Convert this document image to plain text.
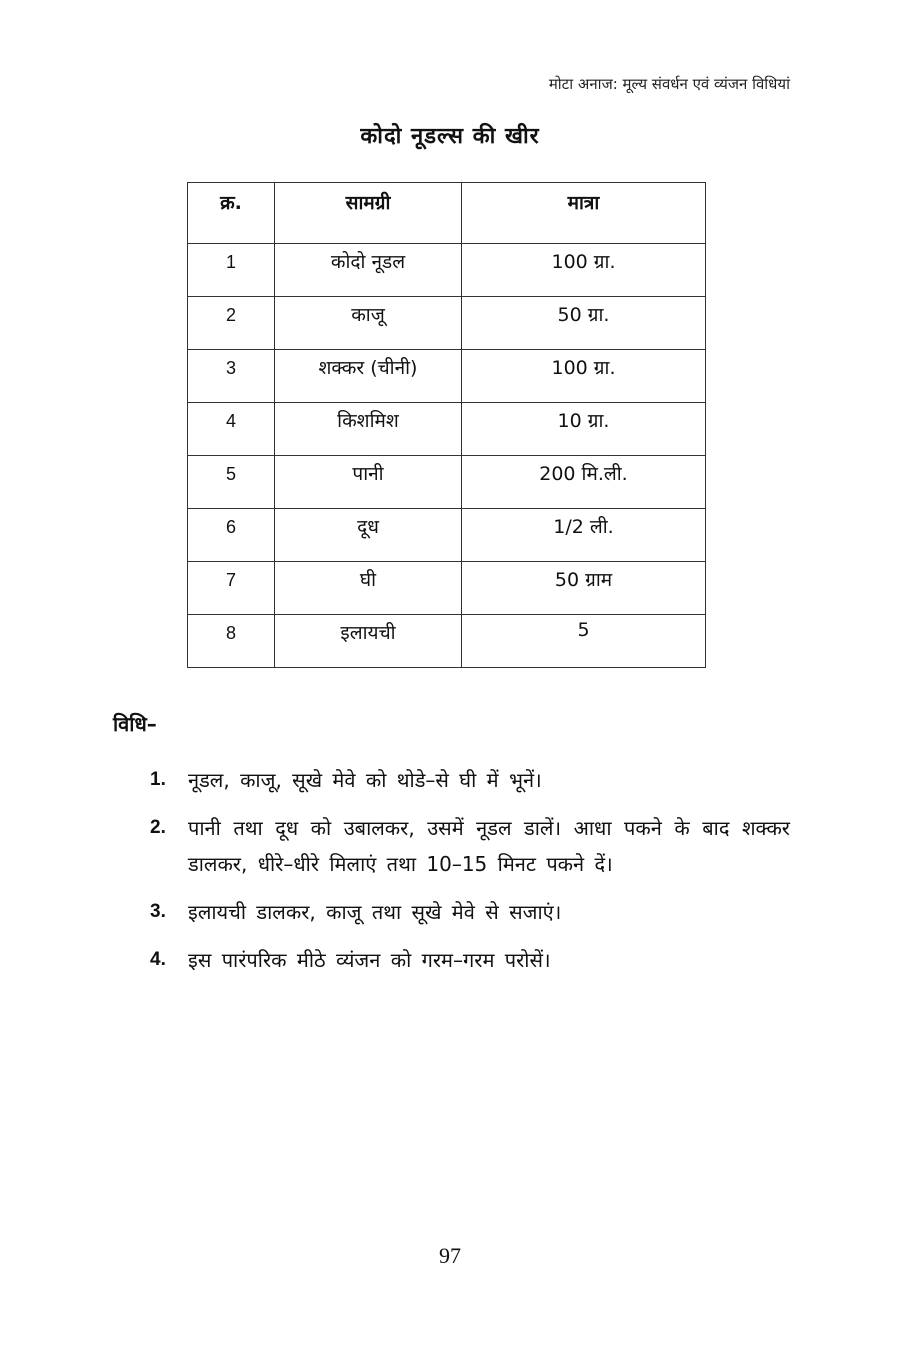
मोटा अनाज: मूल्य संवर्धन एवं व्यंजन विधियां
कोदो नूडल्स की खीर
क्र.	सामग्री	मात्रा
1	कोदो नूडल	100 ग्रा.
2	काजू	50 ग्रा.
3	शक्कर (चीनी)	100 ग्रा.
4	किशमिश	10 ग्रा.
5	पानी	200 मि.ली.
6	दूध	1/2 ली.
7	घी	50 ग्राम
8	इलायची	5
विधि–
1.	नूडल, काजू, सूखे मेवे को थोडे–से घी में भूनें।
2.	पानी तथा दूध को उबालकर, उसमें नूडल डालें। आधा पकने के बाद शक्कर डालकर, धीरे–धीरे मिलाएं तथा 10–15 मिनट पकने दें।
3.	इलायची डालकर, काजू तथा सूखे मेवे से सजाएं।
4.	इस पारंपरिक मीठे व्यंजन को गरम–गरम परोसें।
97
